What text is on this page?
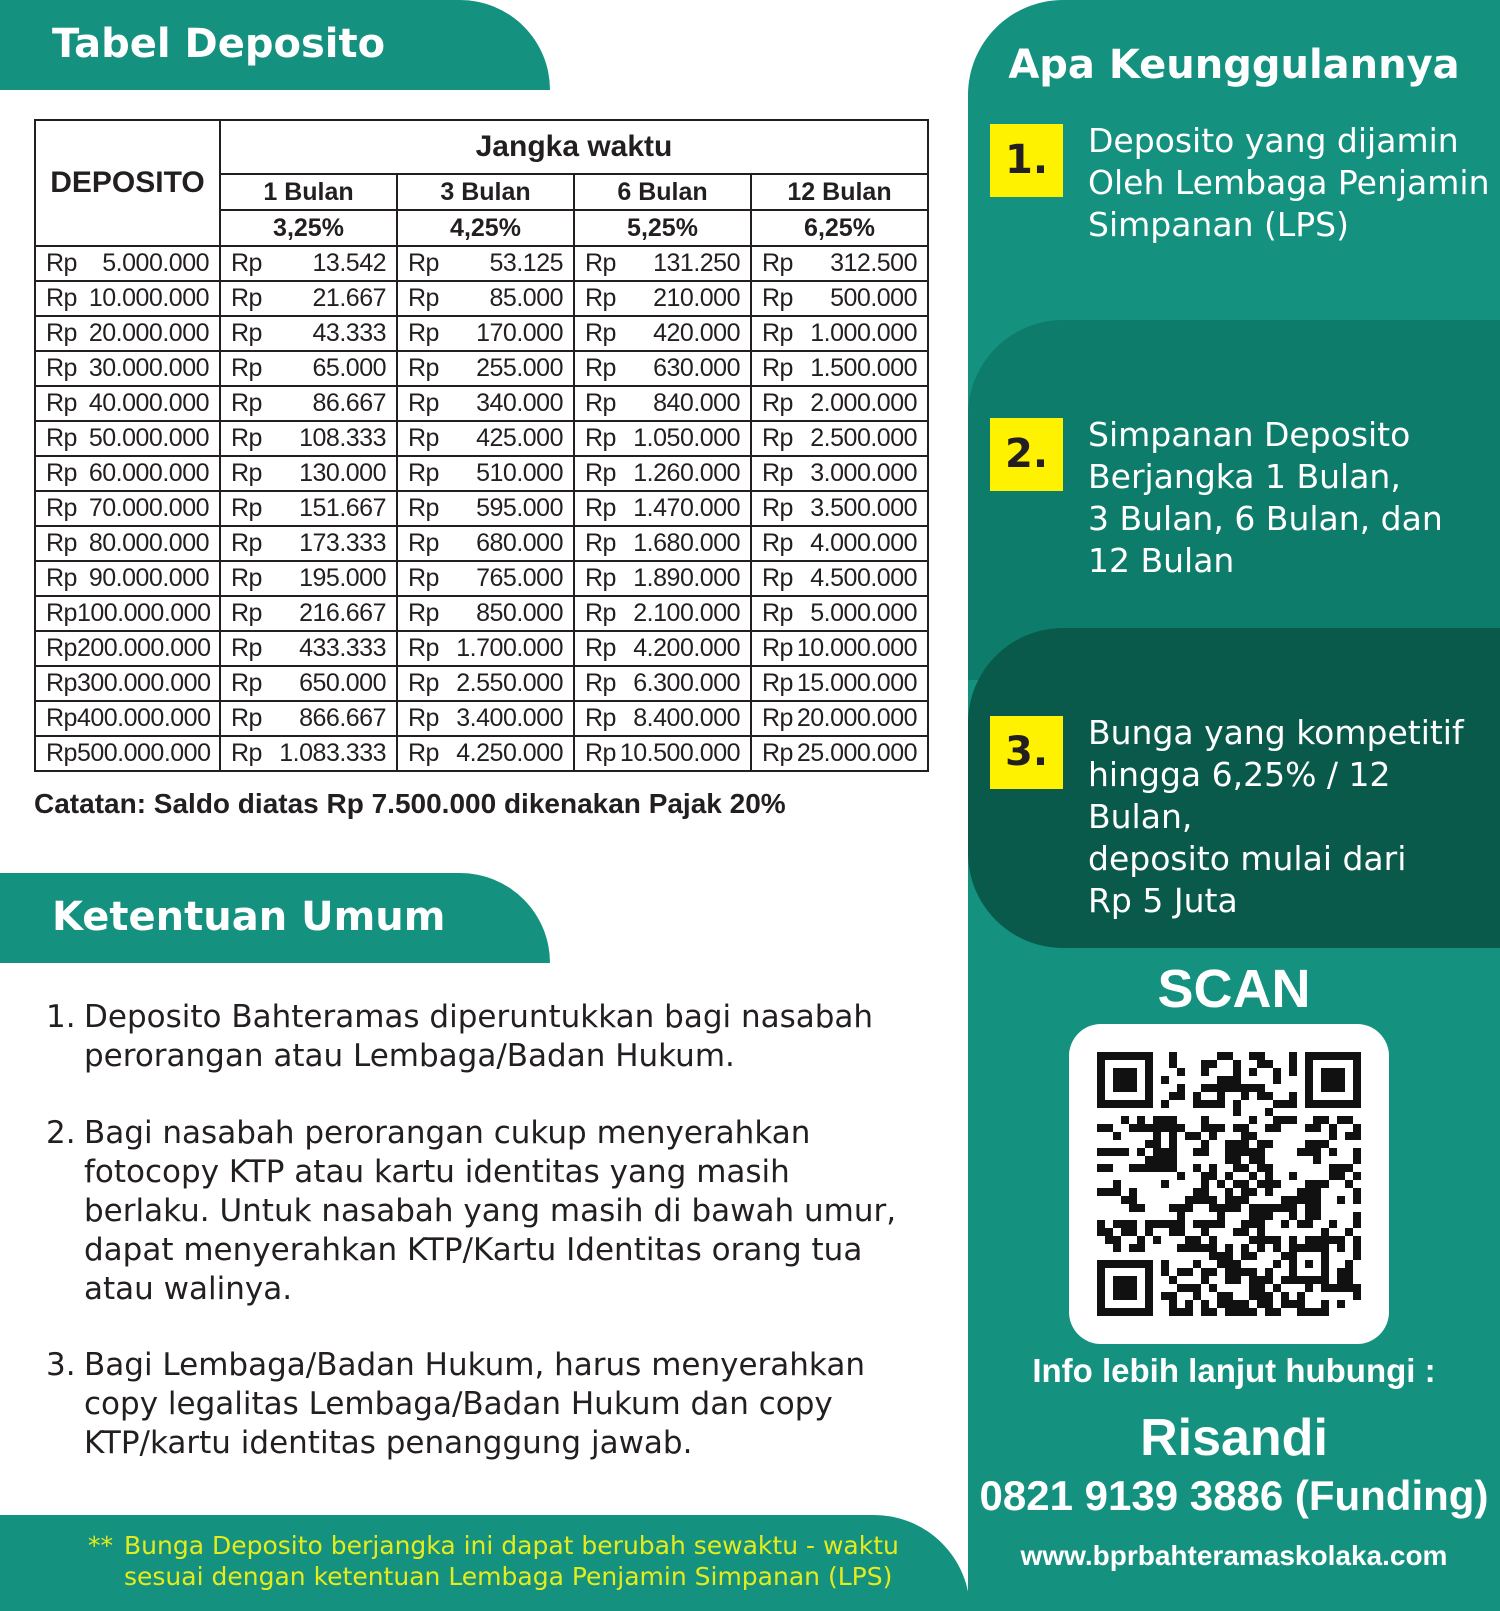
Tabel Deposito
DEPOSITO	Jangka waktu			
	1 Bulan	3 Bulan	6 Bulan	12 Bulan
	3,25%	4,25%	5,25%	6,25%

Rp 5.000.000	Rp 13.542	Rp 53.125	Rp 131.250	Rp 312.500

Rp 10.000.000	Rp 21.667	Rp 85.000	Rp 210.000	Rp 500.000

Rp 20.000.000	Rp 43.333	Rp 170.000	Rp 420.000	Rp 1.000.000

Rp 30.000.000	Rp 65.000	Rp 255.000	Rp 630.000	Rp 1.500.000

Rp 40.000.000	Rp 86.667	Rp 340.000	Rp 840.000	Rp 2.000.000

Rp 50.000.000	Rp 108.333	Rp 425.000	Rp 1.050.000	Rp 2.500.000

Rp 60.000.000	Rp 130.000	Rp 510.000	Rp 1.260.000	Rp 3.000.000

Rp 70.000.000	Rp 151.667	Rp 595.000	Rp 1.470.000	Rp 3.500.000

Rp 80.000.000	Rp 173.333	Rp 680.000	Rp 1.680.000	Rp 4.000.000

Rp 90.000.000	Rp 195.000	Rp 765.000	Rp 1.890.000	Rp 4.500.000

Rp 100.000.000	Rp 216.667	Rp 850.000	Rp 2.100.000	Rp 5.000.000

Rp 200.000.000	Rp 433.333	Rp 1.700.000	Rp 4.200.000	Rp 10.000.000

Rp 300.000.000	Rp 650.000	Rp 2.550.000	Rp 6.300.000	Rp 15.000.000

Rp 400.000.000	Rp 866.667	Rp 3.400.000	Rp 8.400.000	Rp 20.000.000

Rp 500.000.000	Rp 1.083.333	Rp 4.250.000	Rp 10.500.000	Rp 25.000.000
Catatan: Saldo diatas Rp 7.500.000 dikenakan Pajak 20%
Ketentuan Umum
1. Deposito Bahteramas diperuntukkan bagi nasabah
perorangan atau Lembaga/Badan Hukum.
2. Bagi nasabah perorangan cukup menyerahkan
fotocopy KTP atau kartu identitas yang masih
berlaku. Untuk nasabah yang masih di bawah umur,
dapat menyerahkan KTP/Kartu Identitas orang tua
atau walinya.
3. Bagi Lembaga/Badan Hukum, harus menyerahkan
copy legalitas Lembaga/Badan Hukum dan copy
KTP/kartu identitas penanggung jawab.
** Bunga Deposito berjangka ini dapat berubah sewaktu - waktu
sesuai dengan ketentuan Lembaga Penjamin Simpanan (LPS)
Apa Keunggulannya
1.	Deposito yang dijamin
Oleh Lembaga Penjamin
Simpanan (LPS)
2.	Simpanan Deposito
Berjangka 1 Bulan,
3 Bulan, 6 Bulan, dan
12 Bulan
3.	Bunga yang kompetitif
hingga 6,25% / 12 Bulan,
deposito mulai dari
Rp 5 Juta
SCAN
Info lebih lanjut hubungi :
Risandi
0821 9139 3886 (Funding)
www.bprbahteramaskolaka.com
